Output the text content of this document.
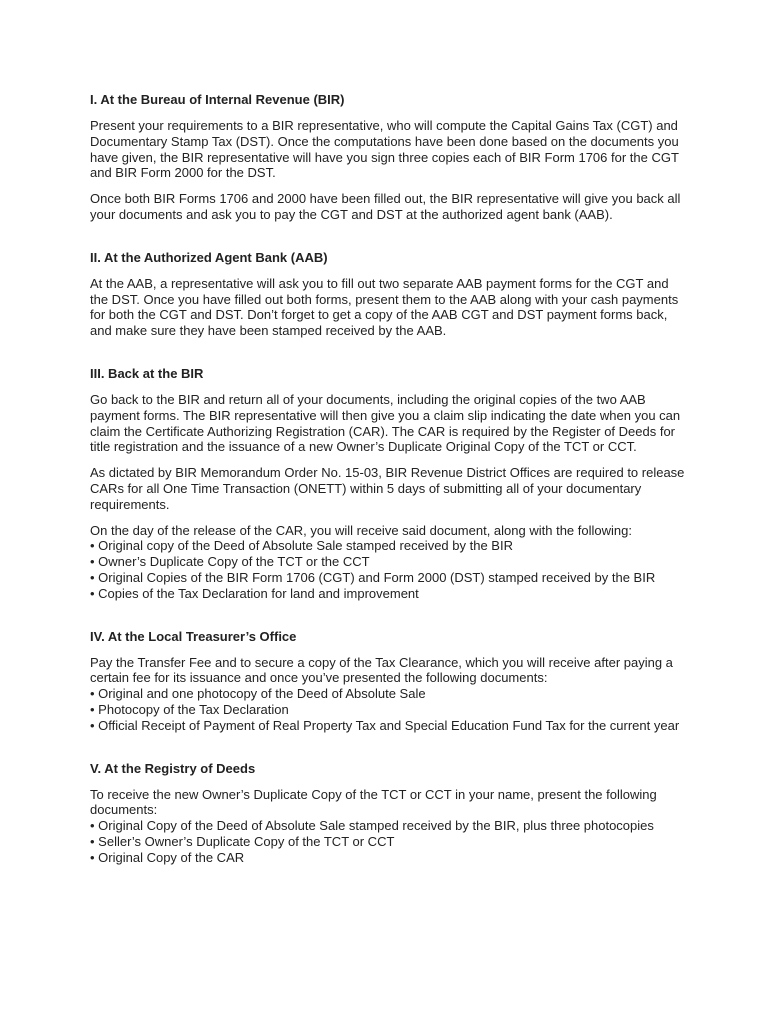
I. At the Bureau of Internal Revenue (BIR)

Present your requirements to a BIR representative, who will compute the Capital Gains Tax (CGT) and Documentary Stamp Tax (DST). Once the computations have been done based on the documents you have given, the BIR representative will have you sign three copies each of BIR Form 1706 for the CGT and BIR Form 2000 for the DST.

Once both BIR Forms 1706 and 2000 have been filled out, the BIR representative will give you back all your documents and ask you to pay the CGT and DST at the authorized agent bank (AAB).

II. At the Authorized Agent Bank (AAB)

At the AAB, a representative will ask you to fill out two separate AAB payment forms for the CGT and the DST. Once you have filled out both forms, present them to the AAB along with your cash payments for both the CGT and DST. Don’t forget to get a copy of the AAB CGT and DST payment forms back, and make sure they have been stamped received by the AAB.

III. Back at the BIR

Go back to the BIR and return all of your documents, including the original copies of the two AAB payment forms. The BIR representative will then give you a claim slip indicating the date when you can claim the Certificate Authorizing Registration (CAR). The CAR is required by the Register of Deeds for title registration and the issuance of a new Owner’s Duplicate Original Copy of the TCT or CCT.

As dictated by BIR Memorandum Order No. 15-03, BIR Revenue District Offices are required to release CARs for all One Time Transaction (ONETT) within 5 days of submitting all of your documentary requirements.

On the day of the release of the CAR, you will receive said document, along with the following:

• Original copy of the Deed of Absolute Sale stamped received by the BIR
• Owner’s Duplicate Copy of the TCT or the CCT
• Original Copies of the BIR Form 1706 (CGT) and Form 2000 (DST) stamped received by the BIR
• Copies of the Tax Declaration for land and improvement
IV. At the Local Treasurer’s Office

Pay the Transfer Fee and to secure a copy of the Tax Clearance, which you will receive after paying a certain fee for its issuance and once you’ve presented the following documents:

• Original and one photocopy of the Deed of Absolute Sale
• Photocopy of the Tax Declaration
• Official Receipt of Payment of Real Property Tax and Special Education Fund Tax for the current year
V. At the Registry of Deeds

To receive the new Owner’s Duplicate Copy of the TCT or CCT in your name, present the following documents:

• Original Copy of the Deed of Absolute Sale stamped received by the BIR, plus three photocopies
• Seller’s Owner’s Duplicate Copy of the TCT or CCT
• Original Copy of the CAR
